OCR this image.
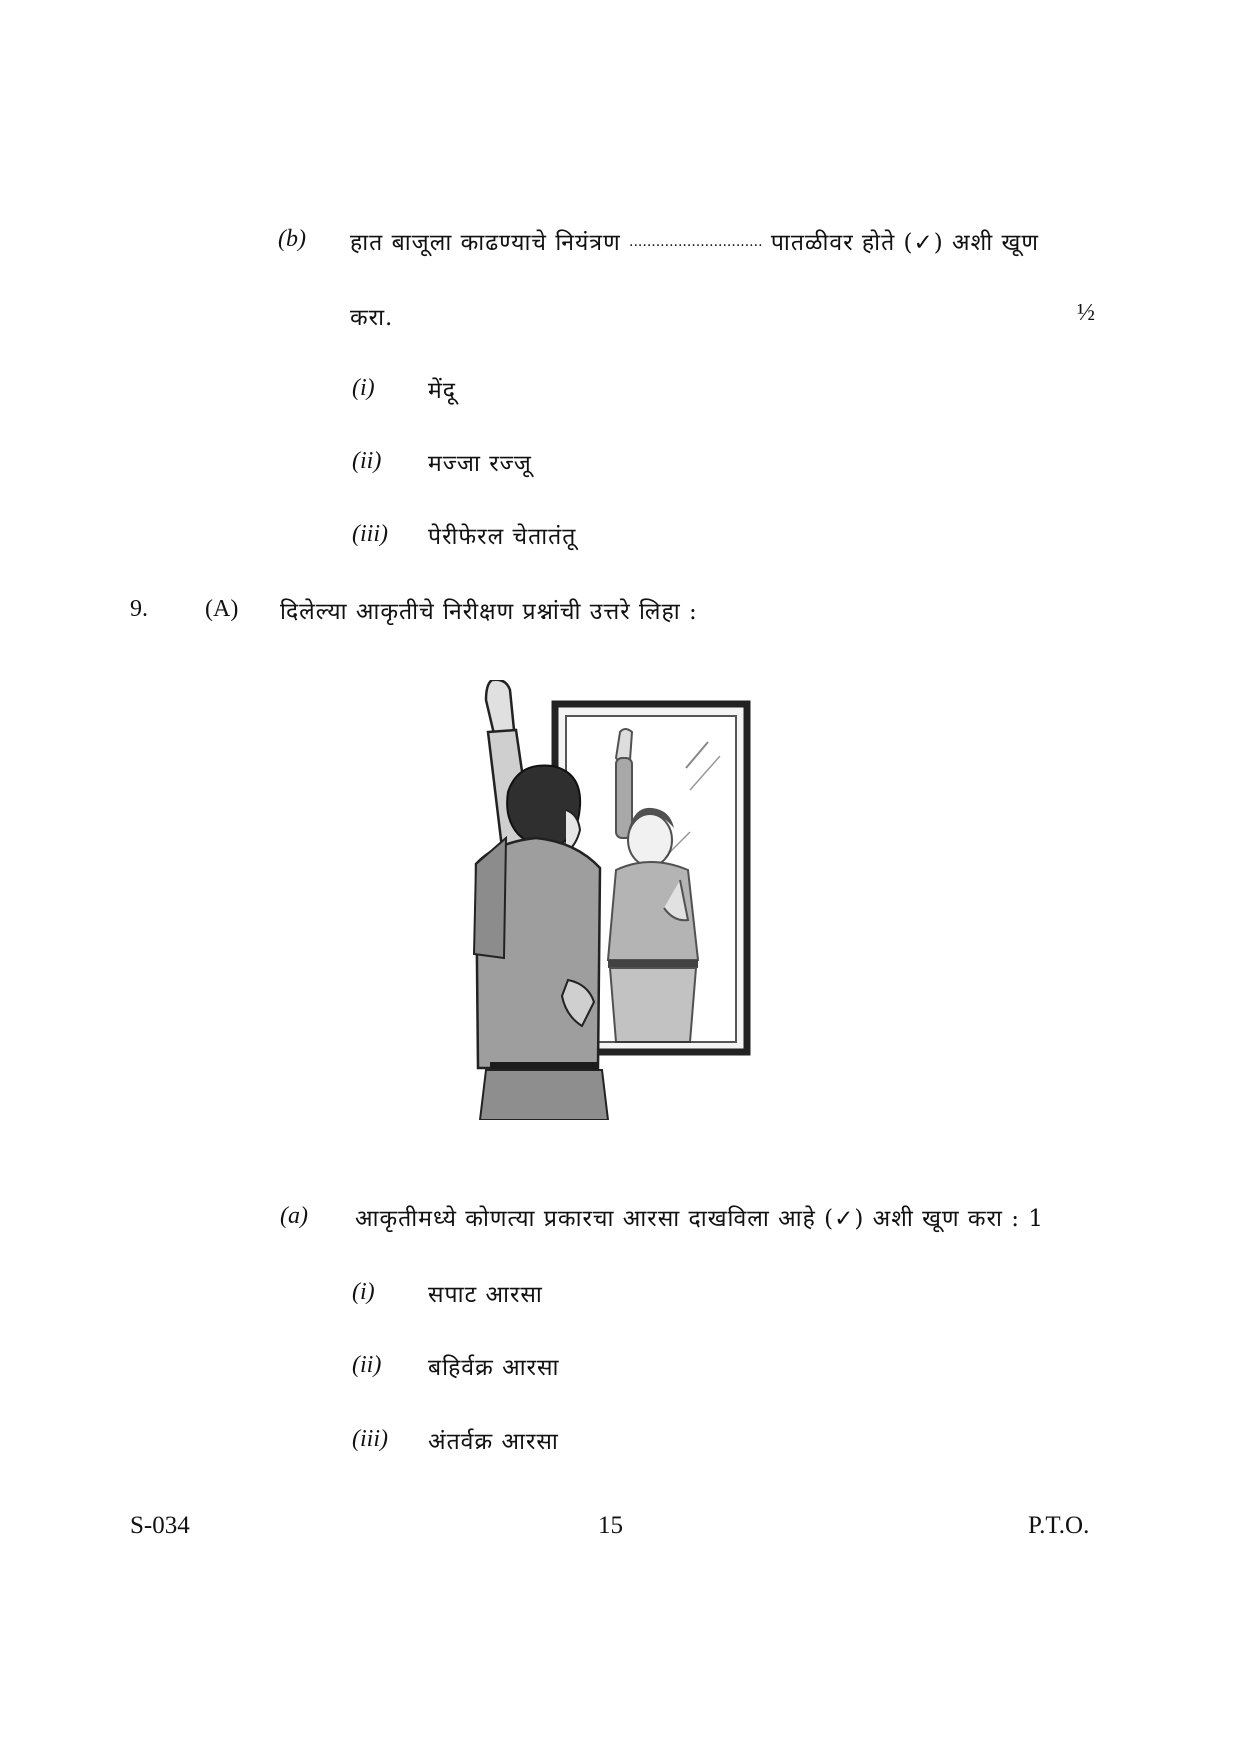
(b) हात बाजूला काढण्याचे नियंत्रण .............................. पातळीवर होते (✓) अशी खूण
करा.	½
(i) मेंदू
(ii) मज्जा रज्जू
(iii) पेरीफेरल चेतातंतू
9. (A) दिलेल्या आकृतीचे निरीक्षण प्रश्नांची उत्तरे लिहा :
(a) आकृतीमध्ये कोणत्या प्रकारचा आरसा दाखविला आहे (✓) अशी खूण करा : 1
(i) सपाट आरसा
(ii) बहिर्वक्र आरसा
(iii) अंतर्वक्र आरसा
S-034	15	P.T.O.
